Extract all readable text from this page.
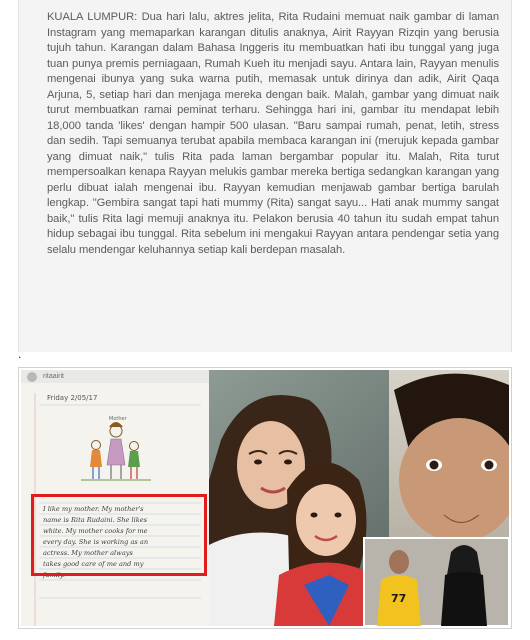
KUALA LUMPUR: Dua hari lalu, aktres jelita, Rita Rudaini memuat naik gambar di laman Instagram yang memaparkan karangan ditulis anaknya, Airit Rayyan Rizqin yang berusia tujuh tahun. Karangan dalam Bahasa Inggeris itu membuatkan hati ibu tunggal yang juga tuan punya premis perniagaan, Rumah Kueh itu menjadi sayu. Antara lain, Rayyan menulis mengenai ibunya yang suka warna putih, memasak untuk dirinya dan adik, Airit Qaqa Arjuna, 5, setiap hari dan menjaga mereka dengan baik. Malah, gambar yang dimuat naik turut membuatkan ramai peminat terharu. Sehingga hari ini, gambar itu mendapat lebih 18,000 tanda 'likes' dengan hampir 500 ulasan. "Baru sampai rumah, penat, letih, stress dan sedih. Tapi semuanya terubat apabila membaca karangan ini (merujuk kepada gambar yang dimuat naik," tulis Rita pada laman bergambar popular itu. Malah, Rita turut mempersoalkan kenapa Rayyan melukis gambar mereka bertiga sedangkan karangan yang perlu dibuat ialah mengenai ibu. Rayyan kemudian menjawab gambar bertiga barulah lengkap. "Gembira sangat tapi hati mummy (Rita) sangat sayu... Hati anak mummy sangat baik," tulis Rita lagi memuji anaknya itu. Pelakon berusia 40 tahun itu sudah empat tahun hidup sebagai ibu tunggal. Rita sebelum ini mengakui Rayyan antara pendengar setia yang selalu mendengar keluhannya setiap kali berdepan masalah.

.

ritaairit
Friday 2/05/17
Mother
I like my mother. My mother's
name is Rita Rudaini. She likes
white. My mother cooks for me
every day. She is working as an
actress. My mother always
takes good care of me and my
family.
77
